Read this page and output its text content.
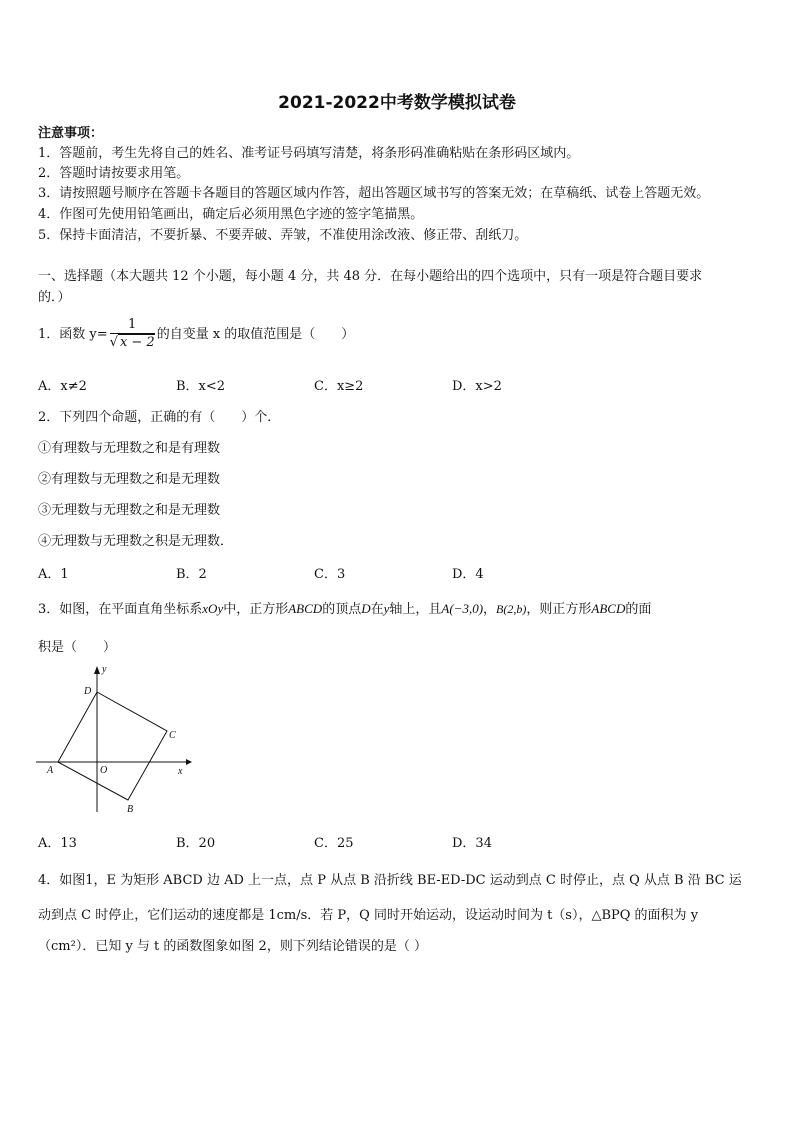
2021-2022中考数学模拟试卷
注意事项：
1．答题前，考生先将自己的姓名、准考证号码填写清楚，将条形码准确粘贴在条形码区域内。
2．答题时请按要求用笔。
3．请按照题号顺序在答题卡各题目的答题区域内作答，超出答题区域书写的答案无效；在草稿纸、试卷上答题无效。
4．作图可先使用铅笔画出，确定后必须用黑色字迹的签字笔描黑。
5．保持卡面清洁，不要折暴、不要弄破、弄皱，不准使用涂改液、修正带、刮纸刀。
一、选择题（本大题共 12 个小题，每小题 4 分，共 48 分．在每小题给出的四个选项中，只有一项是符合题目要求
的．）
1．函数 $y= \frac{1}{√ x - 2}$ 的自变量 x 的取值范围是（　　）
A．x≠2	B．x<2	C．x≥2	D．x>2
2．下列四个命题，正确的有（　　）个．
①有理数与无理数之和是有理数
②有理数与无理数之和是无理数
③无理数与无理数之和是无理数
④无理数与无理数之积是无理数．
A．1	B．2	C．3	D．4
3．如图，在平面直角坐标系xOy中，正方形ABCD的顶点D在y轴上，且A(−3,0)，B(2,b)，则正方形ABCD的面
积是（　　）
y
x
D
C
A	O
B
A．13	B．20	C．25	D．34
4．如图1，E 为矩形 ABCD 边 AD 上一点，点 P 从点 B 沿折线 BE-ED-DC 运动到点 C 时停止，点 Q 从点 B 沿 BC 运
动到点 C 时停止，它们运动的速度都是 1cm/s．若 P，Q 同时开始运动，设运动时间为 t（s），△BPQ 的面积为 y
（cm²）．已知 y 与 t 的函数图象如图 2，则下列结论错误的是（ ）
